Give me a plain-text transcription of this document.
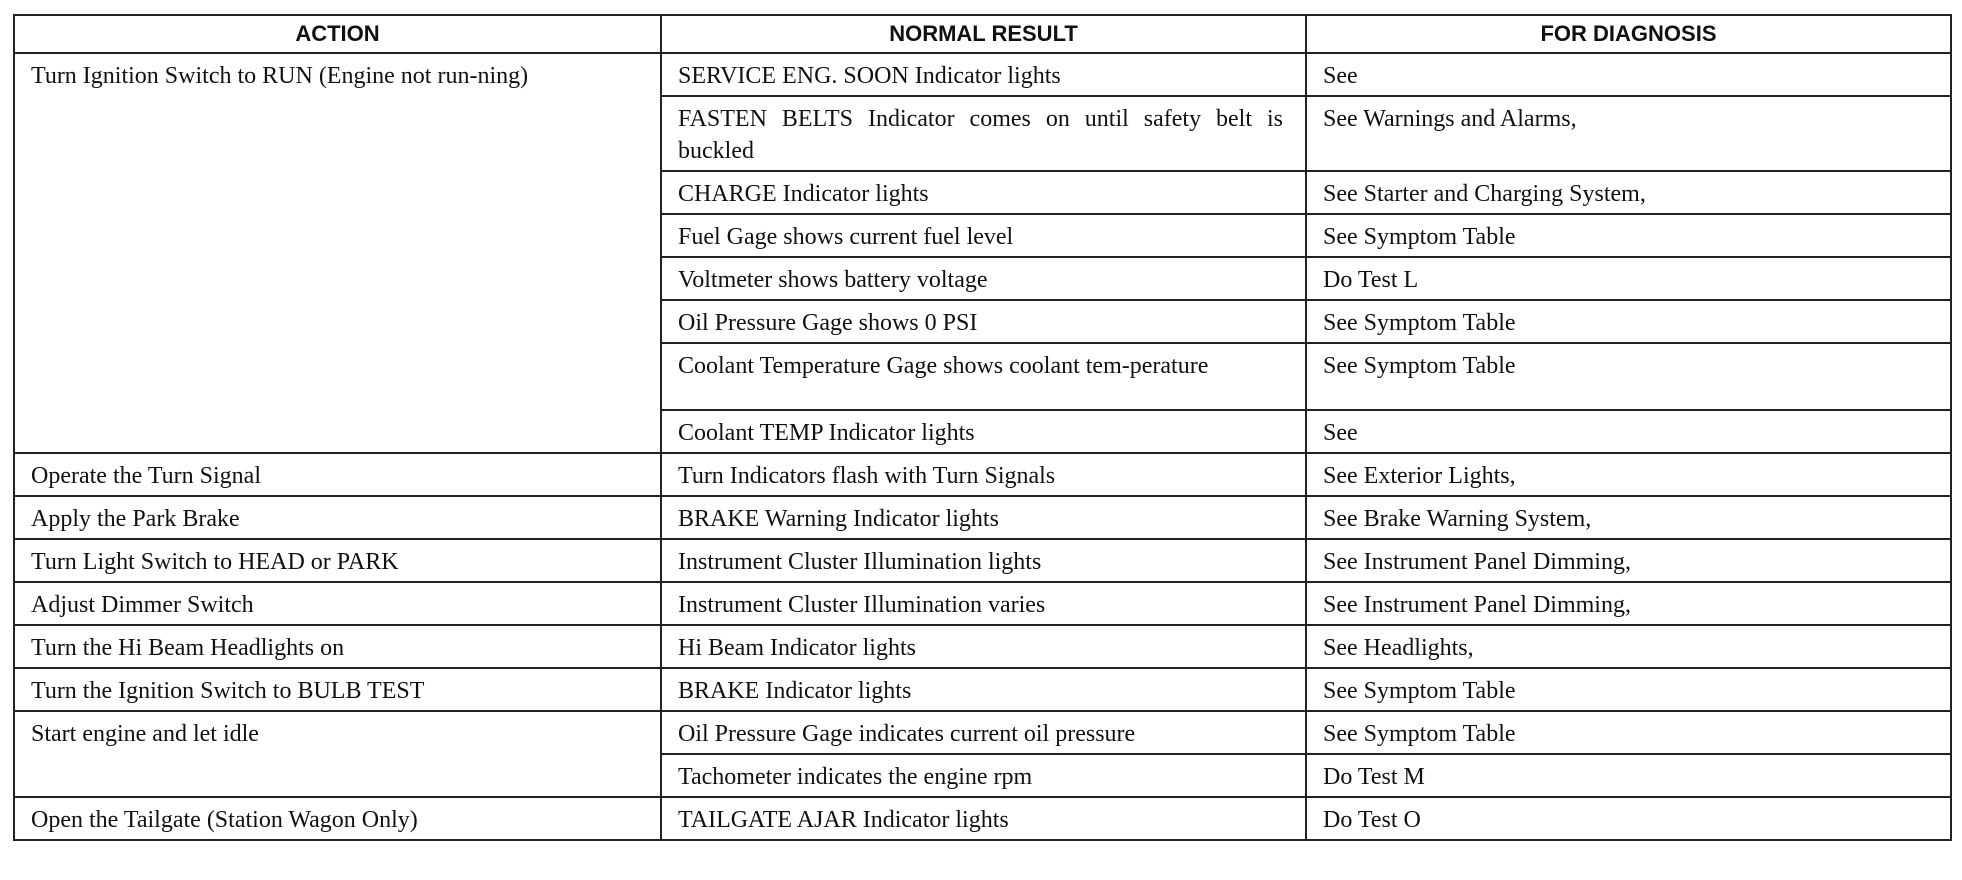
ACTION	NORMAL RESULT	FOR DIAGNOSIS
Turn Ignition Switch to RUN (Engine not run-ning)	SERVICE ENG. SOON Indicator lights	See
	FASTEN BELTS Indicator comes on until safety belt is buckled	See Warnings and Alarms,
	CHARGE Indicator lights	See Starter and Charging System,
	Fuel Gage shows current fuel level	See Symptom Table
	Voltmeter shows battery voltage	Do Test L
	Oil Pressure Gage shows 0 PSI	See Symptom Table
	Coolant Temperature Gage shows coolant tem-perature	See Symptom Table
	Coolant TEMP Indicator lights	See
Operate the Turn Signal	Turn Indicators flash with Turn Signals	See Exterior Lights,
Apply the Park Brake	BRAKE Warning Indicator lights	See Brake Warning System,
Turn Light Switch to HEAD or PARK	Instrument Cluster Illumination lights	See Instrument Panel Dimming,
Adjust Dimmer Switch	Instrument Cluster Illumination varies	See Instrument Panel Dimming,
Turn the Hi Beam Headlights on	Hi Beam Indicator lights	See Headlights,
Turn the Ignition Switch to BULB TEST	BRAKE Indicator lights	See Symptom Table
Start engine and let idle	Oil Pressure Gage indicates current oil pressure	See Symptom Table
	Tachometer indicates the engine rpm	Do Test M
Open the Tailgate (Station Wagon Only)	TAILGATE AJAR Indicator lights	Do Test O
